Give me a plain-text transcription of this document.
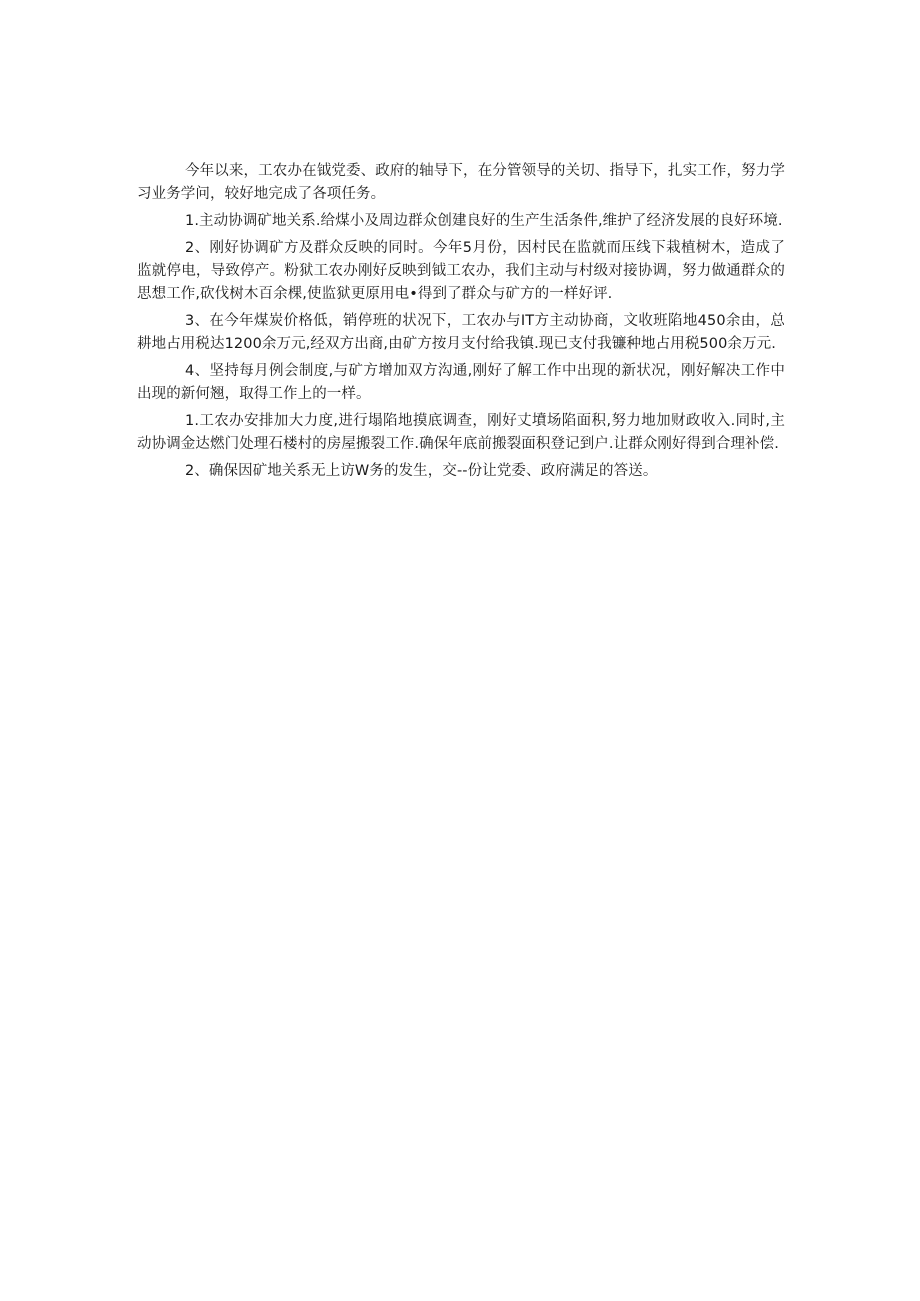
今年以来，工农办在钺党委、政府的轴导下，在分管领导的关切、指导下，扎实工作，努力学习业务学问，较好地完成了各项任务。

1.主动协调矿地关系.给煤小及周边群众创建良好的生产生活条件,维护了经济发展的良好环境.

2、刚好协调矿方及群众反映的同时。今年5月份，因村民在监就而压线下栽植树木，造成了监就停电，导致停产。粉狱工农办刚好反映到钺工农办，我们主动与村级对接协调，努力做通群众的思想工作,砍伐树木百余棵,使监狱更原用电•得到了群众与矿方的一样好评.

3、在今年煤炭价格低，销停班的状况下，工农办与IT方主动协商，文收班陷地450余由，总耕地占用税达1200余万元,经双方出商,由矿方按月支付给我镇.现已支付我镰种地占用税500余万元.

4、坚持每月例会制度,与矿方增加双方沟通,刚好了解工作中出现的新状况，刚好解决工作中出现的新何翘，取得工作上的一样。

1.工农办安排加大力度,进行塌陷地摸底调查，刚好丈墳场陷面积,努力地加财政收入.同时,主动协调金达燃门处理石楼村的房屋搬裂工作.确保年底前搬裂面积登记到户.让群众刚好得到合理补偿.

2、确保因矿地关系无上访W务的发生，交--份让党委、政府满足的答送。
